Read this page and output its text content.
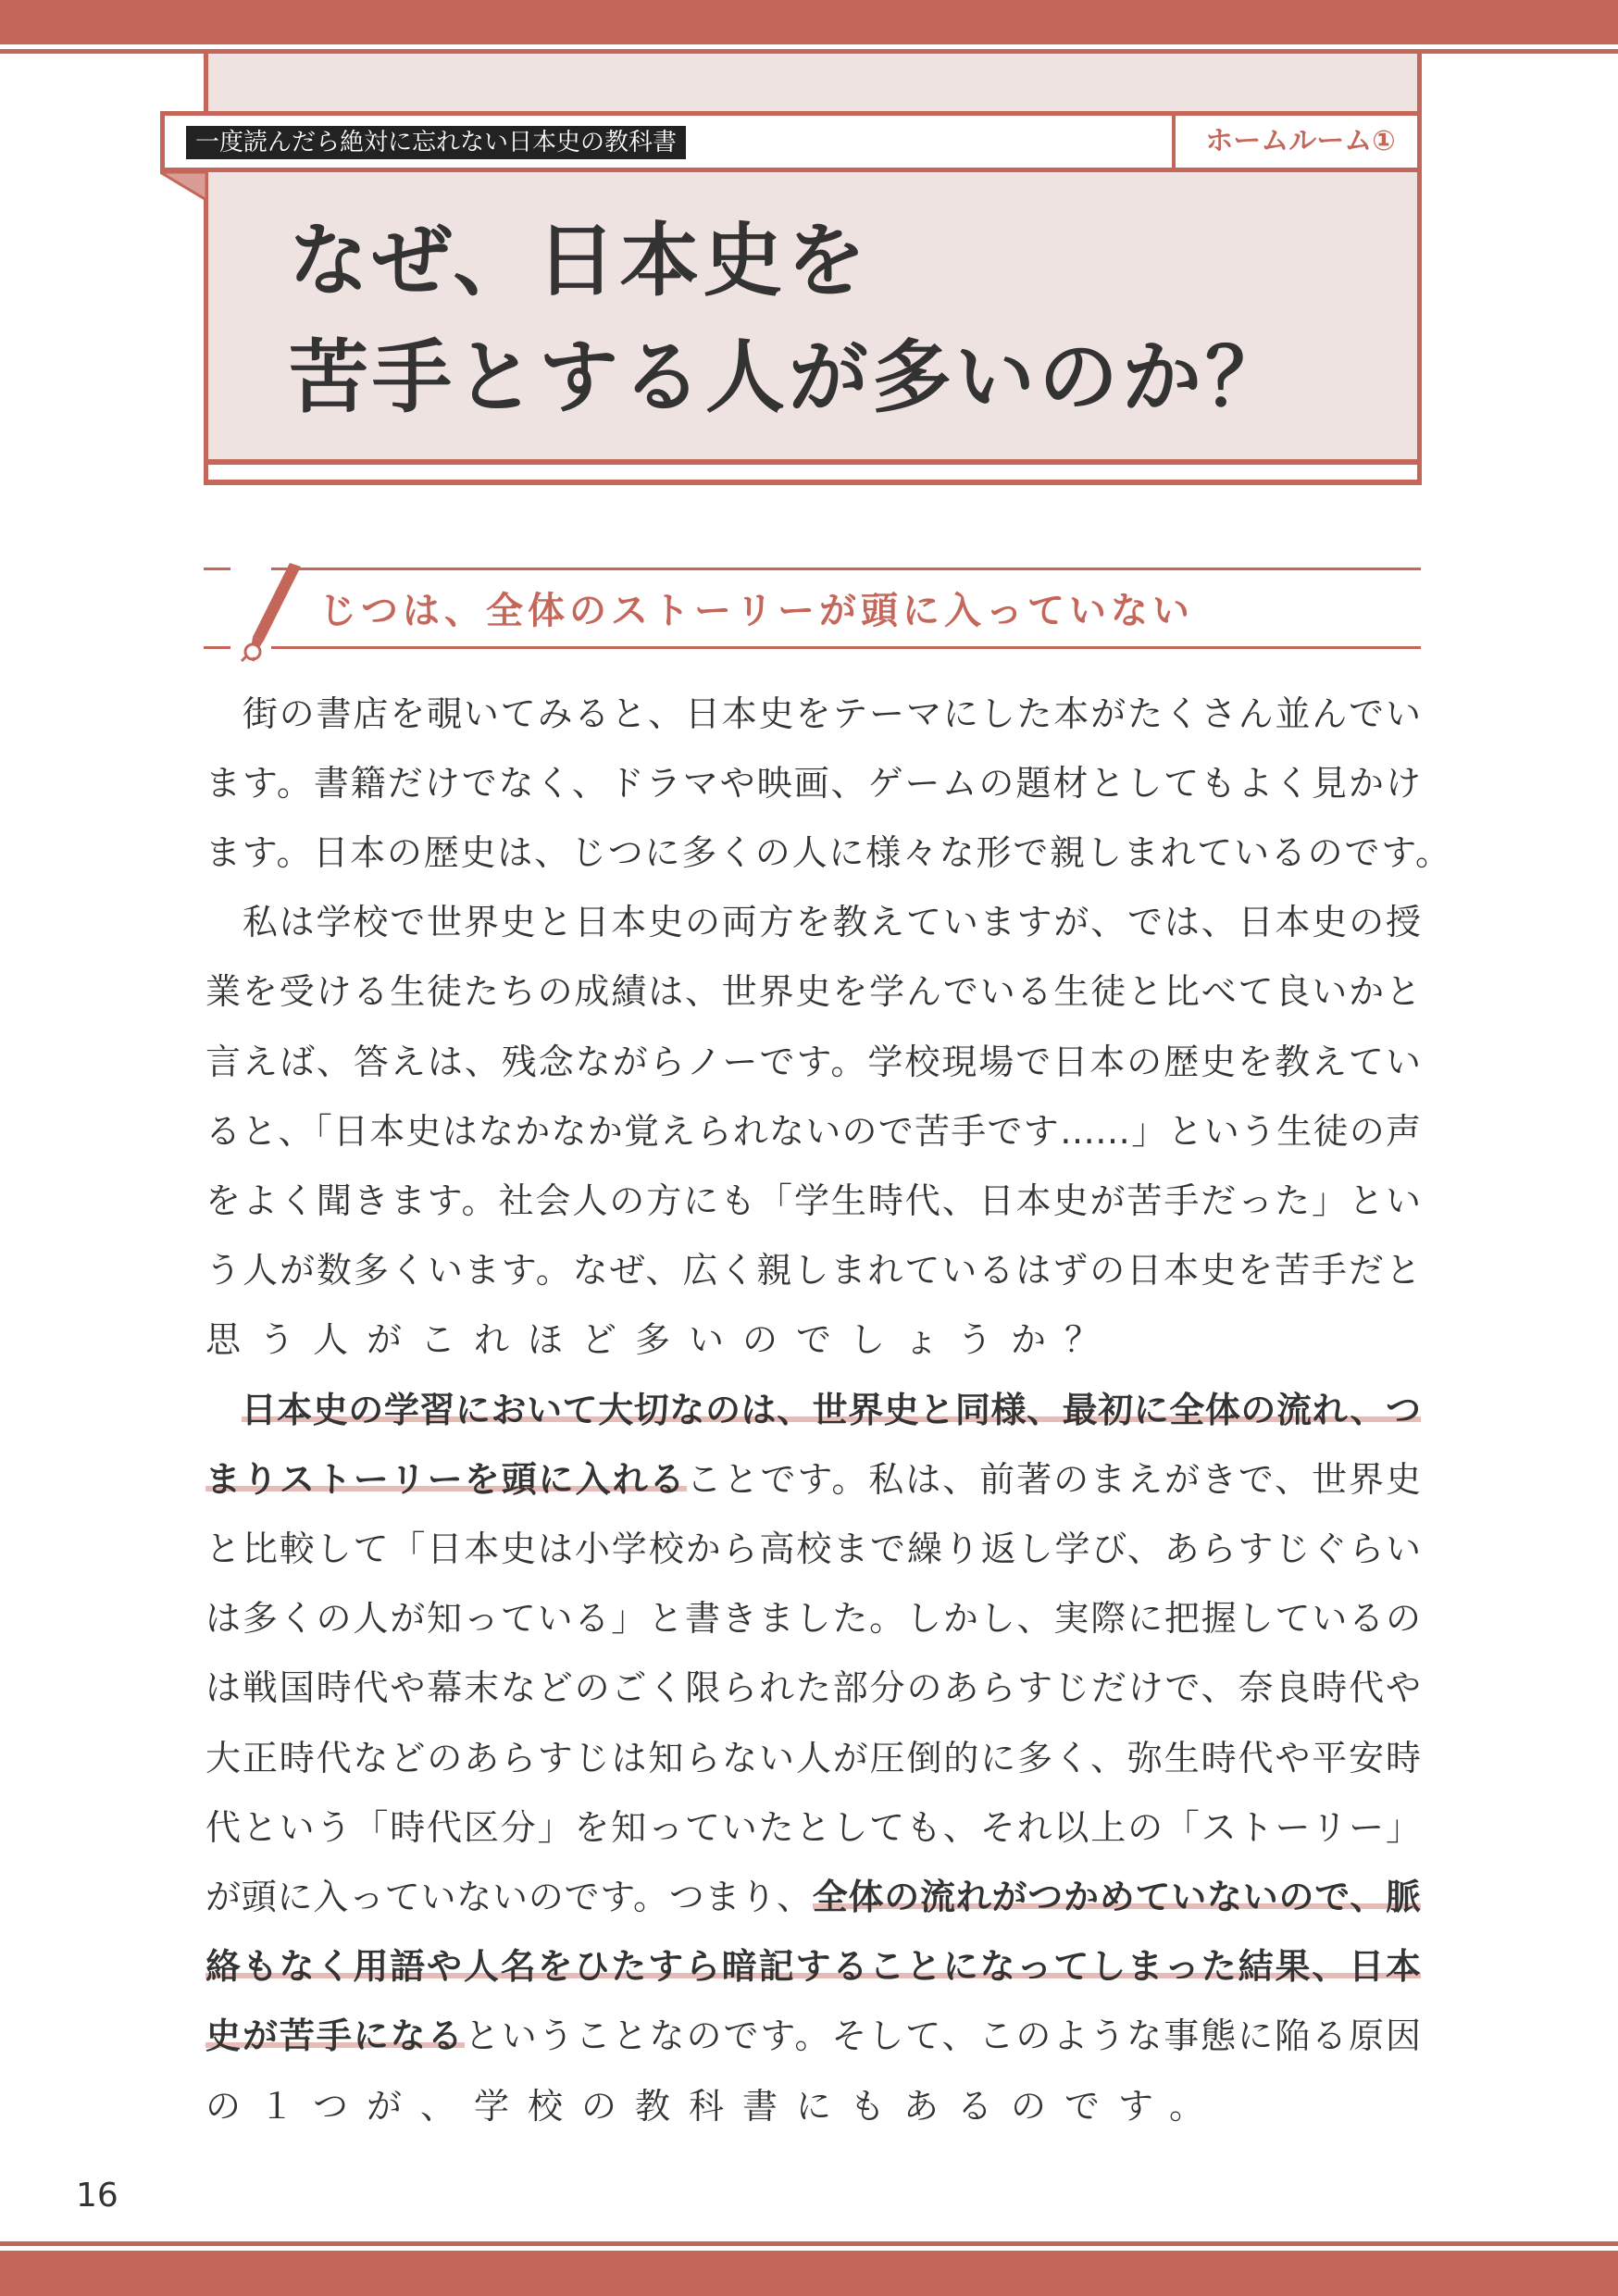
一度読んだら絶対に忘れない日本史の教科書	ホームルーム①
なぜ、日本史を
苦手とする人が多いのか？
じつは、全体のストーリーが頭に入っていない
　街の書店を覗いてみると、日本史をテーマにした本がたくさん並んでい
ます。書籍だけでなく、ドラマや映画、ゲームの題材としてもよく見かけ
ます。日本の歴史は、じつに多くの人に様々な形で親しまれているのです。
　私は学校で世界史と日本史の両方を教えていますが、では、日本史の授
業を受ける生徒たちの成績は、世界史を学んでいる生徒と比べて良いかと
言えば、答えは、残念ながらノーです。学校現場で日本の歴史を教えてい
ると、「日本史はなかなか覚えられないので苦手です……」という生徒の声
をよく聞きます。社会人の方にも「学生時代、日本史が苦手だった」とい
う人が数多くいます。なぜ、広く親しまれているはずの日本史を苦手だと
思う人がこれほど多いのでしょうか？
　日本史の学習において大切なのは、世界史と同様、最初に全体の流れ、つ
まりストーリーを頭に入れることです。私は、前著のまえがきで、世界史
と比較して「日本史は小学校から高校まで繰り返し学び、あらすじぐらい
は多くの人が知っている」と書きました。しかし、実際に把握しているの
は戦国時代や幕末などのごく限られた部分のあらすじだけで、奈良時代や
大正時代などのあらすじは知らない人が圧倒的に多く、弥生時代や平安時
代という「時代区分」を知っていたとしても、それ以上の「ストーリー」
が頭に入っていないのです。つまり、全体の流れがつかめていないので、脈
絡もなく用語や人名をひたすら暗記することになってしまった結果、日本
史が苦手になるということなのです。そして、このような事態に陥る原因
の１つが、学校の教科書にもあるのです。
16
